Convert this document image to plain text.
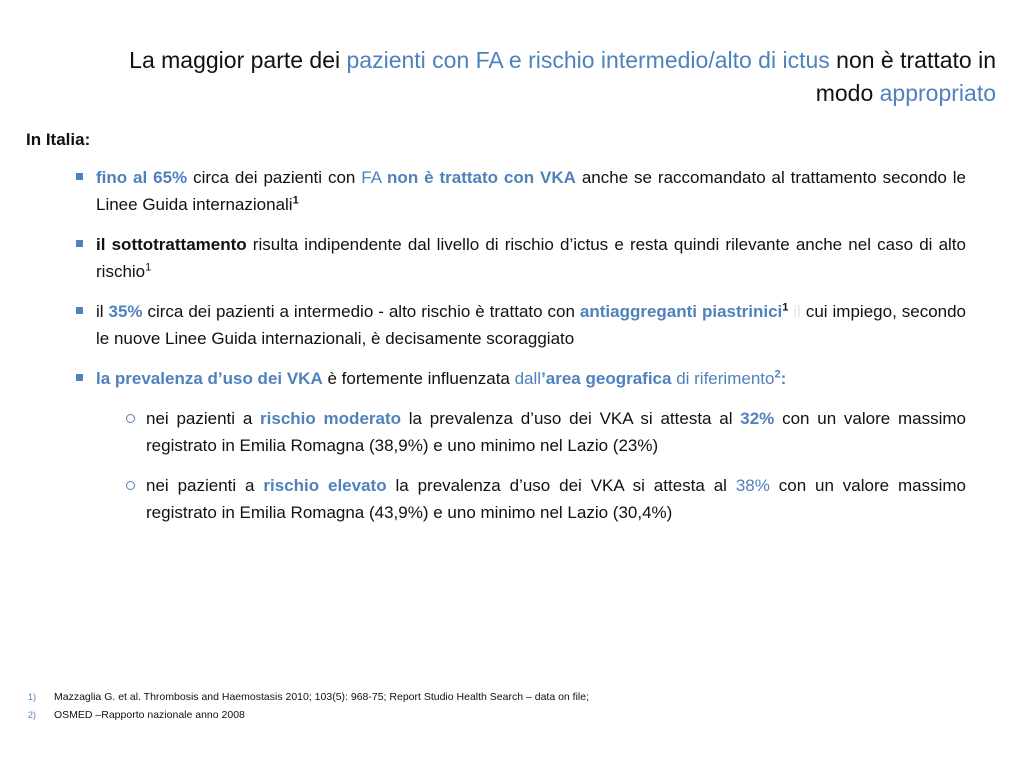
La maggior parte dei pazienti con FA e rischio intermedio/alto di ictus non è trattato in modo appropriato
In Italia:
fino al 65% circa dei pazienti con FA non è trattato con VKA anche se raccomandato al trattamento secondo le Linee Guida internazionali$^1$
il sottotrattamento risulta indipendente dal livello di rischio d’ictus e resta quindi rilevante anche nel caso di alto rischio$^1$
il 35% circa dei pazienti a intermedio - alto rischio è trattato con antiaggreganti piastrinici$^1$ il cui impiego, secondo le nuove Linee Guida internazionali, è decisamente scoraggiato
la prevalenza d’uso dei VKA è fortemente influenzata dall’area geografica di riferimento$^2$:
nei pazienti a rischio moderato la prevalenza d’uso dei VKA si attesta al 32% con un valore massimo registrato in Emilia Romagna (38,9%) e uno minimo nel Lazio (23%)
nei pazienti a rischio elevato la prevalenza d’uso dei VKA si attesta al 38% con un valore massimo registrato in Emilia Romagna (43,9%) e uno minimo nel Lazio (30,4%)
1)	Mazzaglia G. et al. Thrombosis and Haemostasis 2010; 103(5): 968-75; Report Studio Health Search – data on file;
2)	OSMED –Rapporto nazionale anno 2008
